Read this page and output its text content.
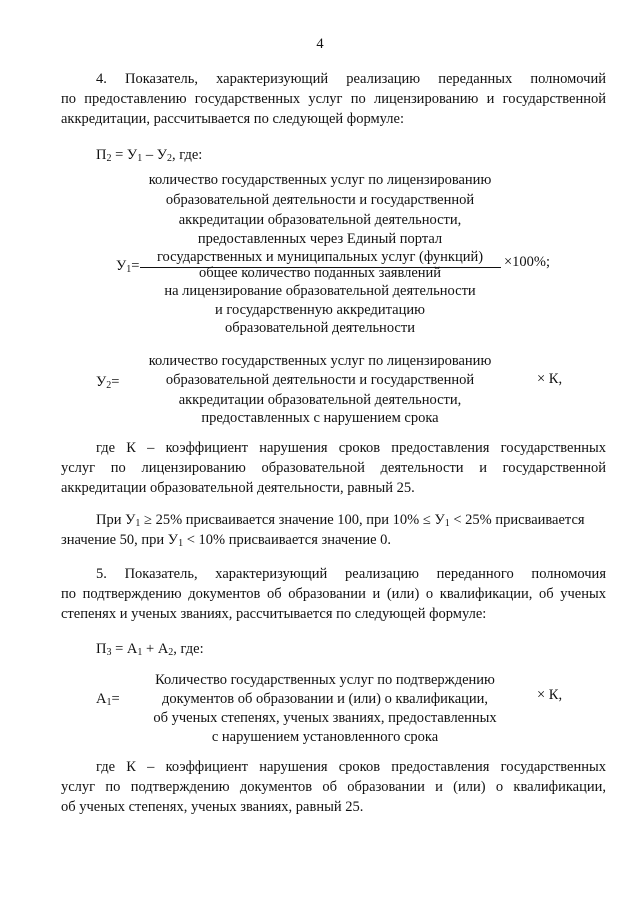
4
4. Показатель, характеризующий реализацию переданных полномочий
по предоставлению государственных услуг по лицензированию и государственной
аккредитации, рассчитывается по следующей формуле:
$П_2 = У_1 - У_2$, где:
количество государственных услуг по лицензированию
образовательной деятельности и государственной
аккредитации образовательной деятельности,
предоставленных через Единый портал
государственных и муниципальных услуг (функций)
$У_1=$	×100%;
общее количество поданных заявлений
на лицензирование образовательной деятельности
и государственную аккредитацию
образовательной деятельности
количество государственных услуг по лицензированию
образовательной деятельности и государственной
аккредитации образовательной деятельности,
предоставленных с нарушением срока
$У_2=$	× К,
где К – коэффициент нарушения сроков предоставления государственных
услуг по лицензированию образовательной деятельности и государственной
аккредитации образовательной деятельности, равный 25.
При $У_1 \ge 25\%$ присваивается значение 100, при $10\% \le У_1 < 25\%$ присваивается
значение 50, при $У_1 < 10\%$ присваивается значение 0.
5. Показатель, характеризующий реализацию переданного полномочия
по подтверждению документов об образовании и (или) о квалификации, об ученых
степенях и ученых званиях, рассчитывается по следующей формуле:
$П_3 = А_1 + А_2$, где:
Количество государственных услуг по подтверждению
документов об образовании и (или) о квалификации,
об ученых степенях, ученых званиях, предоставленных
с нарушением установленного срока
$А_1=$	× К,
где К – коэффициент нарушения сроков предоставления государственных
услуг по подтверждению документов об образовании и (или) о квалификации,
об ученых степенях, ученых званиях, равный 25.
